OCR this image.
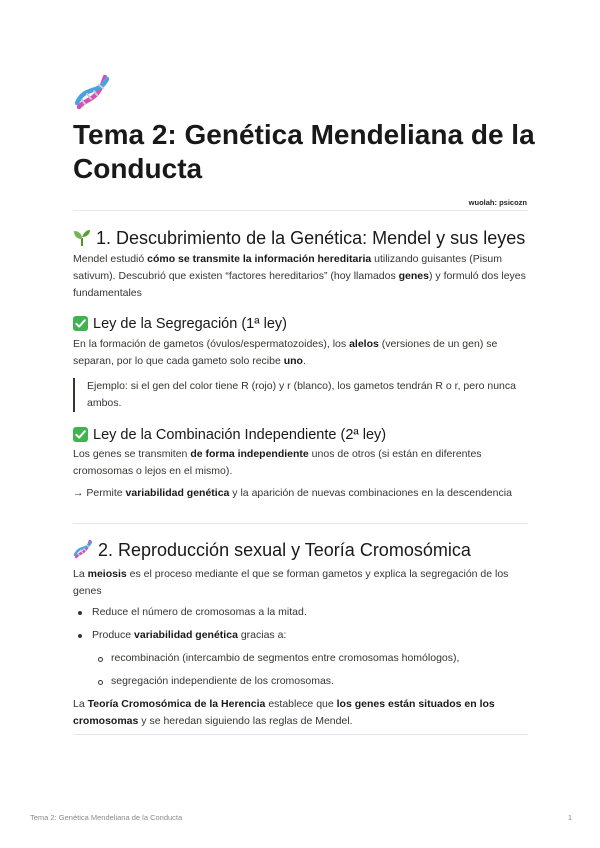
Tema 2: Genética Mendeliana de la Conducta
wuolah: psicozn
1. Descubrimiento de la Genética: Mendel y sus leyes

Mendel estudió cómo se transmite la información hereditaria utilizando guisantes (Pisum sativum). Descubrió que existen “factores hereditarios” (hoy llamados genes) y formuló dos leyes fundamentales

Ley de la Segregación (1ª ley)

En la formación de gametos (óvulos/espermatozoides), los alelos (versiones de un gen) se separan, por lo que cada gameto solo recibe uno.

Ejemplo: si el gen del color tiene R (rojo) y r (blanco), los gametos tendrán R o r, pero nunca ambos.

Ley de la Combinación Independiente (2ª ley)

Los genes se transmiten de forma independiente unos de otros (si están en diferentes cromosomas o lejos en el mismo).

→ Permite variabilidad genética y la aparición de nuevas combinaciones en la descendencia

2. Reproducción sexual y Teoría Cromosómica

La meiosis es el proceso mediante el que se forman gametos y explica la segregación de los genes

Reduce el número de cromosomas a la mitad.
Produce variabilidad genética gracias a:
recombinación (intercambio de segmentos entre cromosomas homólogos),
segregación independiente de los cromosomas.

La Teoría Cromosómica de la Herencia establece que los genes están situados en los cromosomas y se heredan siguiendo las reglas de Mendel.

Tema 2: Genética Mendeliana de la Conducta	1
